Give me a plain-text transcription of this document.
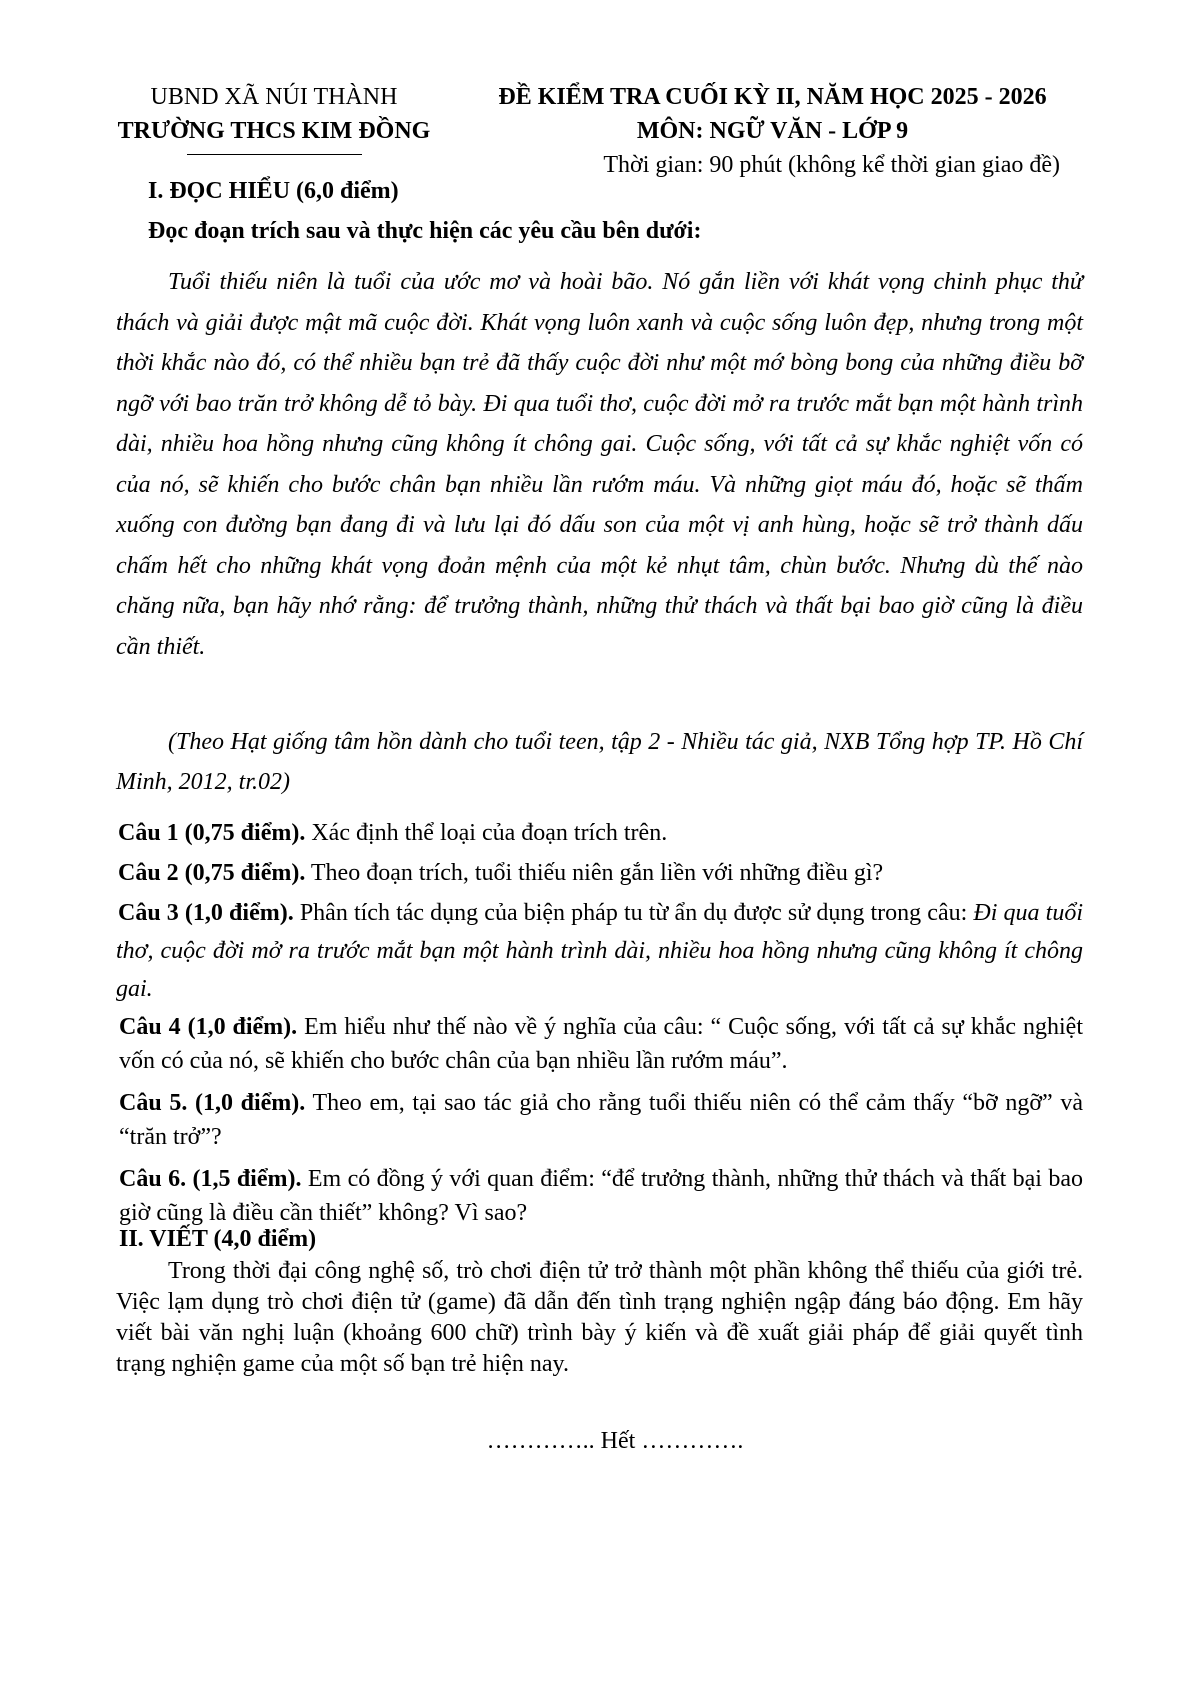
UBND XÃ NÚI THÀNH
TRƯỜNG THCS KIM ĐỒNG
ĐỀ KIỂM TRA CUỐI KỲ II, NĂM HỌC 2025 - 2026
MÔN: NGỮ VĂN - LỚP 9
Thời gian: 90 phút (không kể thời gian giao đề)
I. ĐỌC HIỂU (6,0 điểm)
Đọc đoạn trích sau và thực hiện các yêu cầu bên dưới:
Tuổi thiếu niên là tuổi của ước mơ và hoài bão. Nó gắn liền với khát vọng chinh phục thử thách và giải được mật mã cuộc đời. Khát vọng luôn xanh và cuộc sống luôn đẹp, nhưng trong một thời khắc nào đó, có thể nhiều bạn trẻ đã thấy cuộc đời như một mớ bòng bong của những điều bỡ ngỡ với bao trăn trở không dễ tỏ bày. Đi qua tuổi thơ, cuộc đời mở ra trước mắt bạn một hành trình dài, nhiều hoa hồng nhưng cũng không ít chông gai. Cuộc sống, với tất cả sự khắc nghiệt vốn có của nó, sẽ khiến cho bước chân bạn nhiều lần rướm máu. Và những giọt máu đó, hoặc sẽ thấm xuống con đường bạn đang đi và lưu lại đó dấu son của một vị anh hùng, hoặc sẽ trở thành dấu chấm hết cho những khát vọng đoản mệnh của một kẻ nhụt tâm, chùn bước. Nhưng dù thế nào chăng nữa, bạn hãy nhớ rằng: để trưởng thành, những thử thách và thất bại bao giờ cũng là điều cần thiết.
(Theo Hạt giống tâm hồn dành cho tuổi teen, tập 2 - Nhiều tác giả, NXB Tổng hợp TP. Hồ Chí Minh, 2012, tr.02)
Câu 1 (0,75 điểm). Xác định thể loại của đoạn trích trên.
Câu 2 (0,75 điểm). Theo đoạn trích, tuổi thiếu niên gắn liền với những điều gì?
Câu 3 (1,0 điểm). Phân tích tác dụng của biện pháp tu từ ẩn dụ được sử dụng trong câu: Đi qua tuổi thơ, cuộc đời mở ra trước mắt bạn một hành trình dài, nhiều hoa hồng nhưng cũng không ít chông gai.
Câu 4 (1,0 điểm). Em hiểu như thế nào về ý nghĩa của câu: “ Cuộc sống, với tất cả sự khắc nghiệt vốn có của nó, sẽ khiến cho bước chân của bạn nhiều lần rướm máu”.
Câu 5. (1,0 điểm). Theo em, tại sao tác giả cho rằng tuổi thiếu niên có thể cảm thấy “bỡ ngỡ” và “trăn trở”?
Câu 6. (1,5 điểm). Em có đồng ý với quan điểm: “để trưởng thành, những thử thách và thất bại bao giờ cũng là điều cần thiết” không? Vì sao?
II. VIẾT (4,0 điểm)
Trong thời đại công nghệ số, trò chơi điện tử trở thành một phần không thể thiếu của giới trẻ. Việc lạm dụng trò chơi điện tử (game) đã dẫn đến tình trạng nghiện ngập đáng báo động. Em hãy viết bài văn nghị luận (khoảng 600 chữ) trình bày ý kiến và đề xuất giải pháp để giải quyết tình trạng nghiện game của một số bạn trẻ hiện nay.
………….. Hết ………….
